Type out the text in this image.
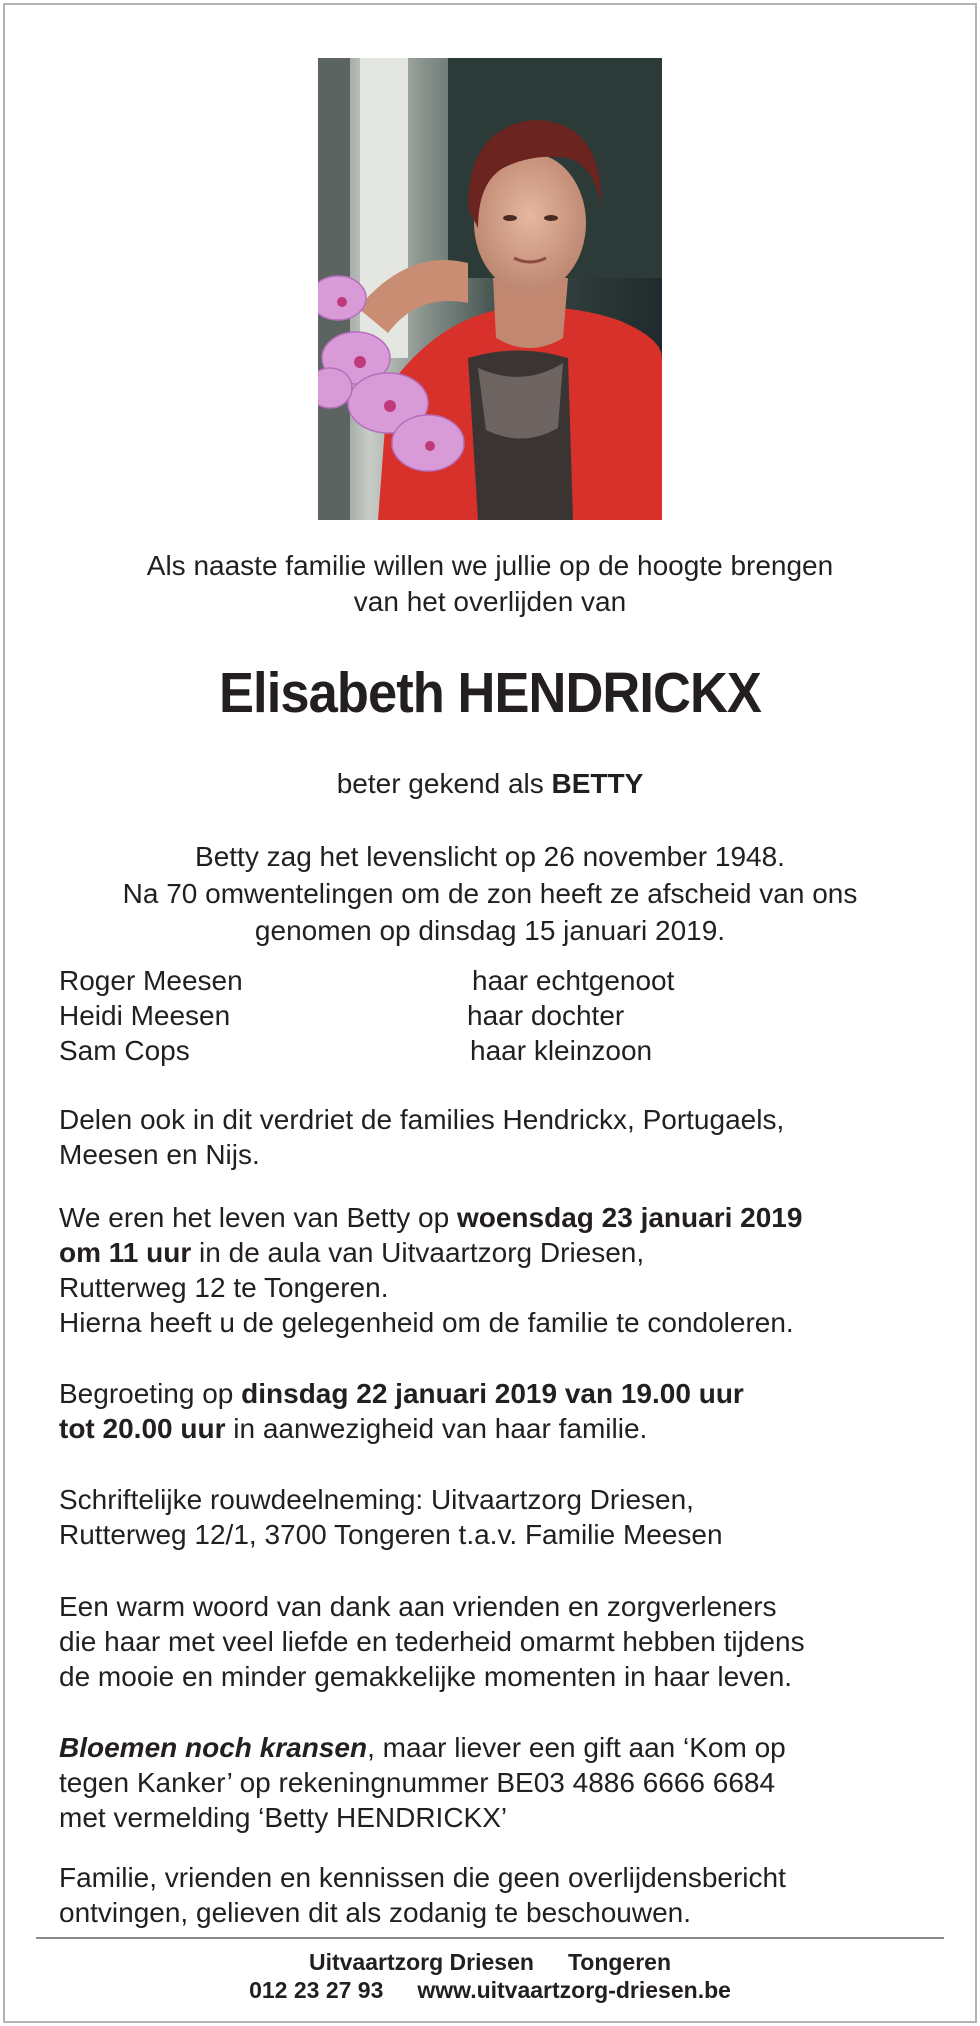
Als naaste familie willen we jullie op de hoogte brengen
van het overlijden van
Elisabeth HENDRICKX
beter gekend als BETTY
Betty zag het levenslicht op 26 november 1948.
Na 70 omwentelingen om de zon heeft ze afscheid van ons
genomen op dinsdag 15 januari 2019.
Roger Meesen	haar echtgenoot
Heidi Meesen	haar dochter
Sam Cops	haar kleinzoon
Delen ook in dit verdriet de families Hendrickx, Portugaels,
Meesen en Nijs.
We eren het leven van Betty op woensdag 23 januari 2019
om 11 uur in de aula van Uitvaartzorg Driesen,
Rutterweg 12 te Tongeren.
Hierna heeft u de gelegenheid om de familie te condoleren.
Begroeting op dinsdag 22 januari 2019 van 19.00 uur
tot 20.00 uur in aanwezigheid van haar familie.
Schriftelijke rouwdeelneming: Uitvaartzorg Driesen,
Rutterweg 12/1, 3700 Tongeren t.a.v. Familie Meesen
Een warm woord van dank aan vrienden en zorgverleners
die haar met veel liefde en tederheid omarmt hebben tijdens
de mooie en minder gemakkelijke momenten in haar leven.
Bloemen noch kransen, maar liever een gift aan ‘Kom op
tegen Kanker’ op rekeningnummer BE03 4886 6666 6684
met vermelding ‘Betty HENDRICKX’
Familie, vrienden en kennissen die geen overlijdensbericht
ontvingen, gelieven dit als zodanig te beschouwen.
Uitvaartzorg Driesen Tongeren
012 23 27 93 www.uitvaartzorg-driesen.be
